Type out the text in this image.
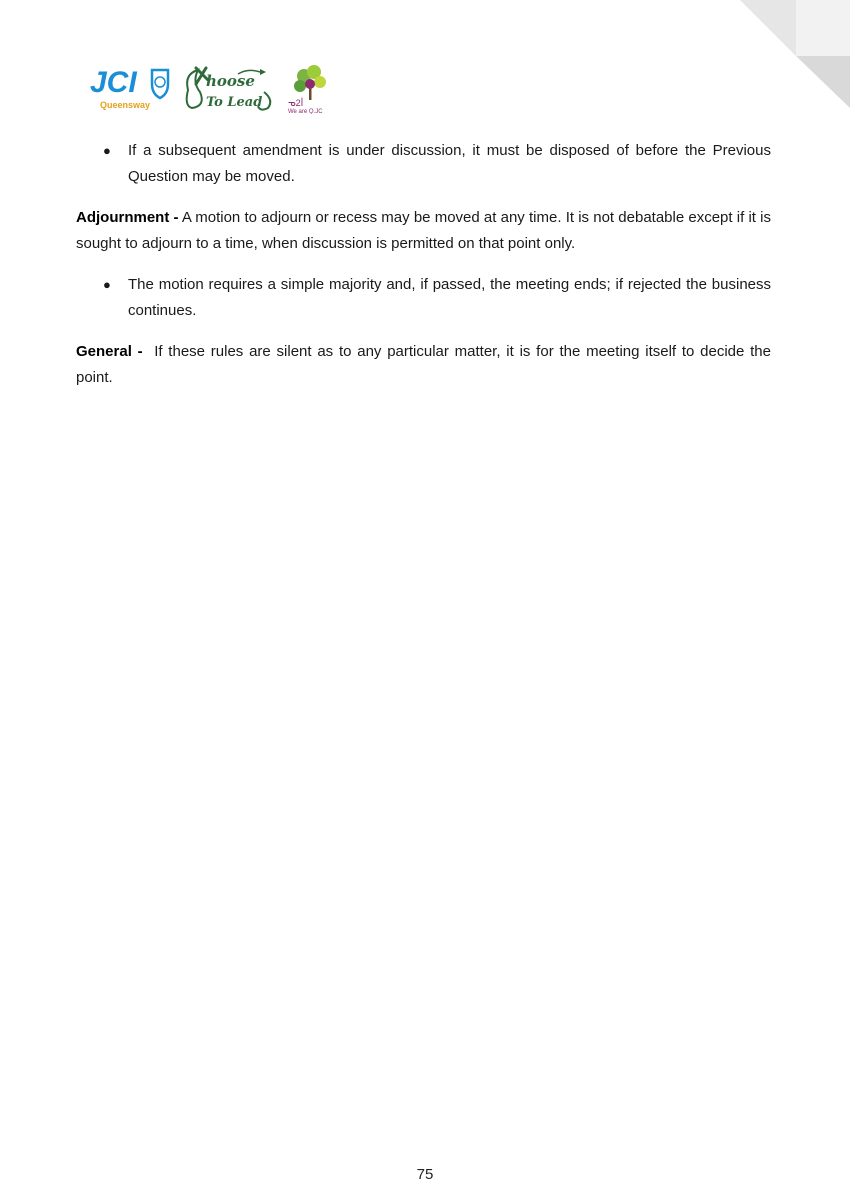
JCI
Queensway
hoose
To Lead	ᓀ2ꟾ
We are Q.JC

● If a subsequent amendment is under discussion, it must be disposed of before the Previous Question may be moved.

Adjournment - A motion to adjourn or recess may be moved at any time. It is not debatable except if it is sought to adjourn to a time, when discussion is permitted on that point only.

● The motion requires a simple majority and, if passed, the meeting ends; if rejected the business continues.

General -  If these rules are silent as to any particular matter, it is for the meeting itself to decide the point.

75
